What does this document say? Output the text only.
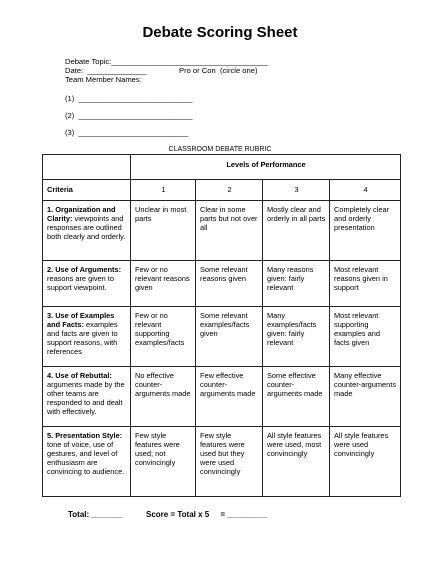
Debate Scoring Sheet
Debate Topic:_____________________________________
Date:  ______________	Pro or Con  (circle one)
Team Member Names:
(1)  ___________________________
(2)  ___________________________
(3)  __________________________
CLASSROOM DEBATE RUBRIC
	Levels of Performance			
Criteria	1	2	3	4
1. Organization and Clarity: viewpoints and responses are outlined both clearly and orderly.	Unclear in most parts	Clear in some parts but not over all	Mostly clear and orderly in all parts	Completely clear and orderly presentation
2. Use of Arguments: reasons are given to support viewpoint.	Few or no relevant reasons given	Some relevant reasons given	Many reasons given: fairly relevant	Most relevant reasons given in support
3. Use of Examples and Facts: examples and facts are given to support reasons, with references	Few or no relevant supporting examples/facts	Some relevant examples/facts given	Many examples/facts given: fairly relevant	Most relevant supporting examples and facts given
4. Use of Rebuttal: arguments made by the other teams are responded to and dealt with effectively.	No effective counter-arguments made	Few effective counter-arguments made	Some effective counter-arguments made	Many effective counter-arguments made
5. Presentation Style: tone of voice, use of gestures, and level of enthusiasm are convincing to audience.	Few style features were used; not convincingly	Few style features were used but they were used convincingly	All style features were used, most convincingly	All style features were used convincingly
Total: _______	Score = Total x 5     = _________
